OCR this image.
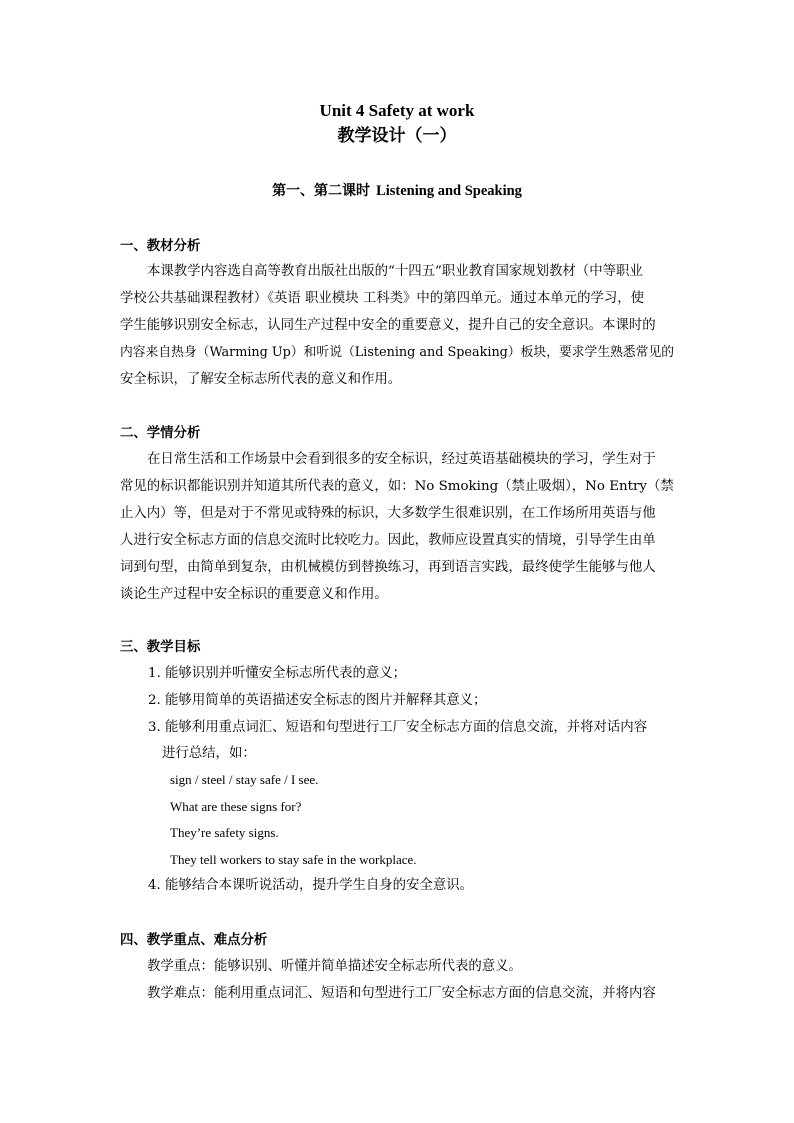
Unit 4 Safety at work
教学设计（一）
第一、第二课时 Listening and Speaking
一、教材分析
本课教学内容选自高等教育出版社出版的“十四五”职业教育国家规划教材（中等职业
学校公共基础课程教材）《英语 职业模块 工科类》中的第四单元。通过本单元的学习，使
学生能够识别安全标志，认同生产过程中安全的重要意义，提升自己的安全意识。本课时的
内容来自热身（Warming Up）和听说（Listening and Speaking）板块，要求学生熟悉常见的
安全标识，了解安全标志所代表的意义和作用。
二、学情分析
在日常生活和工作场景中会看到很多的安全标识，经过英语基础模块的学习，学生对于
常见的标识都能识别并知道其所代表的意义，如：No Smoking（禁止吸烟），No Entry（禁
止入内）等，但是对于不常见或特殊的标识，大多数学生很难识别，在工作场所用英语与他
人进行安全标志方面的信息交流时比较吃力。因此，教师应设置真实的情境，引导学生由单
词到句型，由简单到复杂，由机械模仿到替换练习，再到语言实践，最终使学生能够与他人
谈论生产过程中安全标识的重要意义和作用。
三、教学目标
1. 能够识别并听懂安全标志所代表的意义；
2. 能够用简单的英语描述安全标志的图片并解释其意义；
3. 能够利用重点词汇、短语和句型进行工厂安全标志方面的信息交流，并将对话内容
进行总结，如：
sign / steel / stay safe / I see.
What are these signs for?
They’re safety signs.
They tell workers to stay safe in the workplace.
4. 能够结合本课听说活动，提升学生自身的安全意识。
四、教学重点、难点分析
教学重点：能够识别、听懂并简单描述安全标志所代表的意义。
教学难点：能利用重点词汇、短语和句型进行工厂安全标志方面的信息交流，并将内容
